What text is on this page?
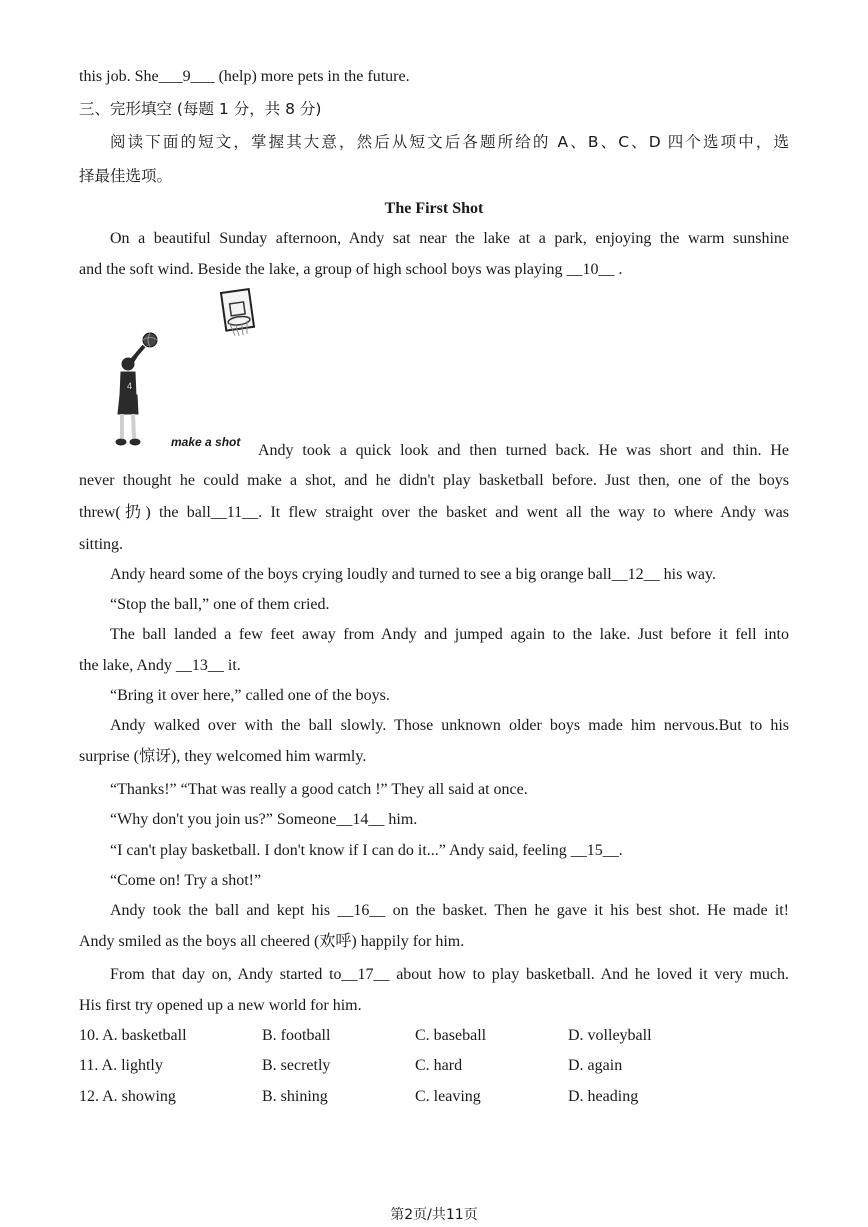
this job. She___9___ (help) more pets in the future.
三、完形填空 (每题 1 分，共 8 分)
阅读下面的短文，掌握其大意，然后从短文后各题所给的 A、B、C、D 四个选项中，选
择最佳选项。
The First Shot
On a beautiful Sunday afternoon, Andy sat near the lake at a park, enjoying the warm sunshine
and the soft wind. Beside the lake, a group of high school boys was playing __10__ .
4
make a shot Andy took a quick look and then turned back. He was short and thin. He
never thought he could make a shot, and he didn't play basketball before. Just then, one of the boys
threw(扔) the ball__11__. It flew straight over the basket and went all the way to where Andy was
sitting.
Andy heard some of the boys crying loudly and turned to see a big orange ball__12__ his way.
“Stop the ball,” one of them cried.
The ball landed a few feet away from Andy and jumped again to the lake. Just before it fell into
the lake, Andy __13__ it.
“Bring it over here,” called one of the boys.
Andy walked over with the ball slowly. Those unknown older boys made him nervous.But to his
surprise (惊讶), they welcomed him warmly.
“Thanks!” “That was really a good catch !” They all said at once.
“Why don't you join us?” Someone__14__ him.
“I can't play basketball. I don't know if I can do it...” Andy said, feeling __15__.
“Come on! Try a shot!”
Andy took the ball and kept his __16__ on the basket. Then he gave it his best shot. He made it!
Andy smiled as the boys all cheered (欢呼) happily for him.
From that day on, Andy started to__17__ about how to play basketball. And he loved it very much.
His first try opened up a new world for him.
10. A. basketball	B. football	C. baseball	D. volleyball
11. A. lightly	B. secretly	C. hard	D. again
12. A. showing	B. shining	C. leaving	D. heading
第2页/共11页
